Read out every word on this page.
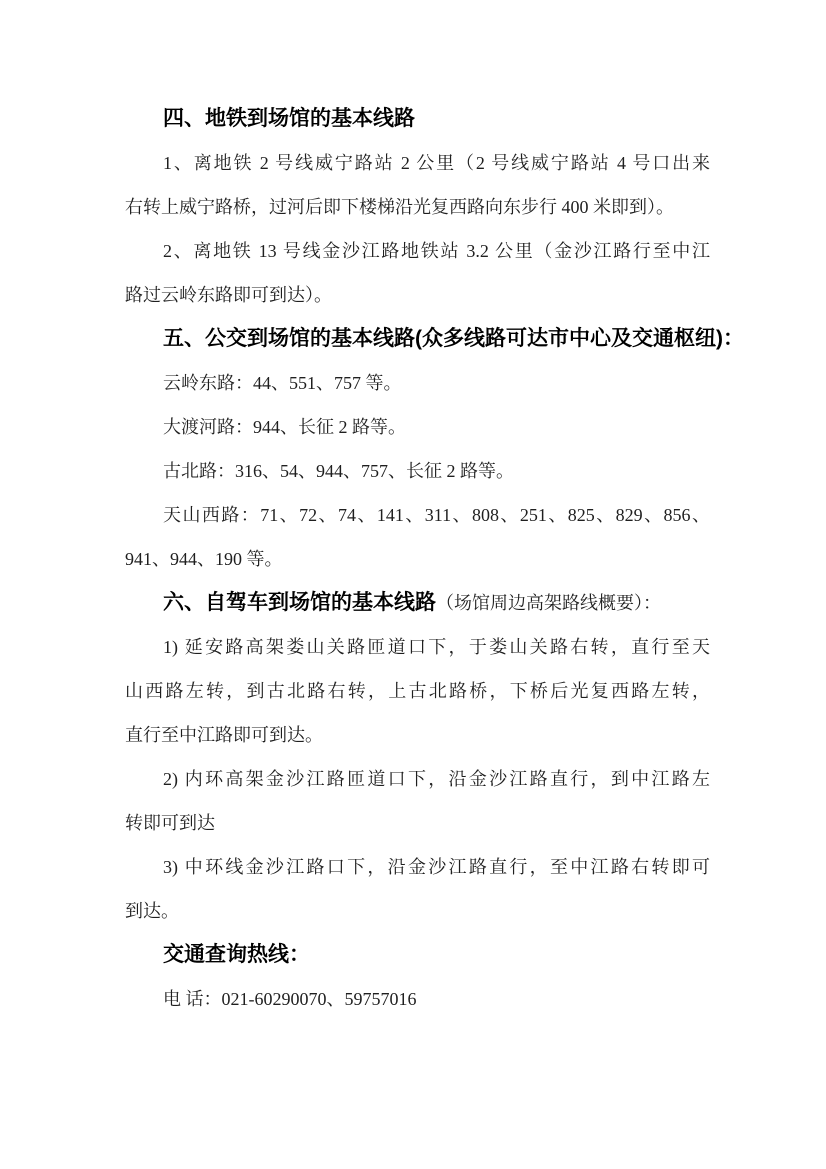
四、地铁到场馆的基本线路
1、离地铁 2 号线威宁路站 2 公里（2 号线威宁路站 4 号口出来
右转上威宁路桥，过河后即下楼梯沿光复西路向东步行 400 米即到）。
2、离地铁 13 号线金沙江路地铁站 3.2 公里（金沙江路行至中江
路过云岭东路即可到达）。
五、公交到场馆的基本线路(众多线路可达市中心及交通枢纽)：
云岭东路：44、551、757 等。
大渡河路：944、长征 2 路等。
古北路：316、54、944、757、长征 2 路等。
天山西路：71、72、74、141、311、808、251、825、829、856、
941、944、190 等。
六、自驾车到场馆的基本线路（场馆周边高架路线概要）：
1) 延安路高架娄山关路匝道口下，于娄山关路右转，直行至天
山西路左转，到古北路右转，上古北路桥，下桥后光复西路左转，
直行至中江路即可到达。
2) 内环高架金沙江路匝道口下，沿金沙江路直行，到中江路左
转即可到达
3) 中环线金沙江路口下，沿金沙江路直行，至中江路右转即可
到达。
交通查询热线：
电 话：021-60290070、59757016
